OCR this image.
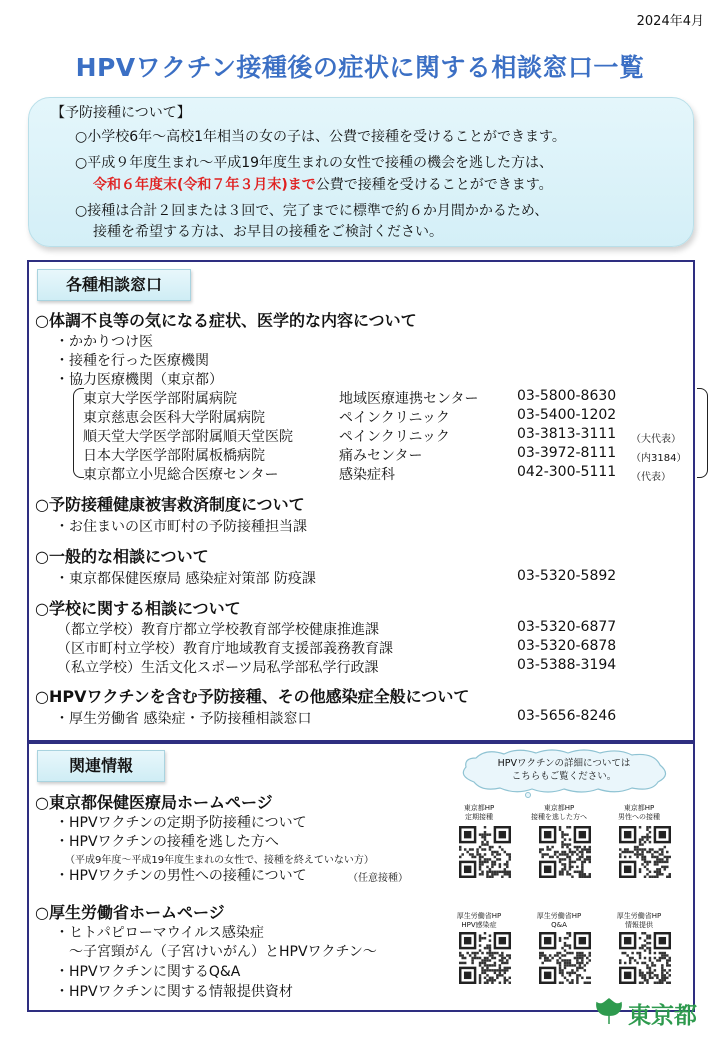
2024年4月
HPVワクチン接種後の症状に関する相談窓口一覧
【予防接種について】
○小学校6年～高校1年相当の女の子は、公費で接種を受けることができます。
○平成９年度生まれ～平成19年度生まれの女性で接種の機会を逃した方は、
令和６年度末(令和７年３月末)まで公費で接種を受けることができます。
○接種は合計２回または３回で、完了までに標準で約６か月間かかるため、
接種を希望する方は、お早目の接種をご検討ください。
各種相談窓口
○体調不良等の気になる症状、医学的な内容について
・かかりつけ医
・接種を行った医療機関
・協力医療機関（東京都）
東京大学医学部附属病院	地域医療連携センター	03-5800-8630
東京慈恵会医科大学附属病院	ペインクリニック	03-5400-1202
順天堂大学医学部附属順天堂医院	ペインクリニック	03-3813-3111 （大代表）
日本大学医学部附属板橋病院	痛みセンター	03-3972-8111 （内3184）
東京都立小児総合医療センター	感染症科	042-300-5111 （代表）
○予防接種健康被害救済制度について
・お住まいの区市町村の予防接種担当課
○一般的な相談について
・東京都保健医療局 感染症対策部 防疫課	03-5320-5892
○学校に関する相談について
（都立学校）教育庁都立学校教育部学校健康推進課	03-5320-6877
（区市町村立学校）教育庁地域教育支援部義務教育課	03-5320-6878
（私立学校）生活文化スポーツ局私学部私学行政課	03-5388-3194
○HPVワクチンを含む予防接種、その他感染症全般について
・厚生労働省 感染症・予防接種相談窓口	03-5656-8246
関連情報
○東京都保健医療局ホームページ
・HPVワクチンの定期予防接種について
・HPVワクチンの接種を逃した方へ
（平成9年度～平成19年度生まれの女性で、接種を終えていない方）
・HPVワクチンの男性への接種について	（任意接種）
○厚生労働省ホームページ
・ヒトパピローマウイルス感染症
～子宮頸がん（子宮けいがん）とHPVワクチン～
・HPVワクチンに関するQ&A
・HPVワクチンに関する情報提供資材
東京都HP
定期接種
東京都HP
接種を逃した方へ
東京都HP
男性への接種
厚生労働省HP
HPV感染症
厚生労働省HP
Q&A
厚生労働省HP
情報提供
HPVワクチンの詳細については
こちらもご覧ください。
東京都
